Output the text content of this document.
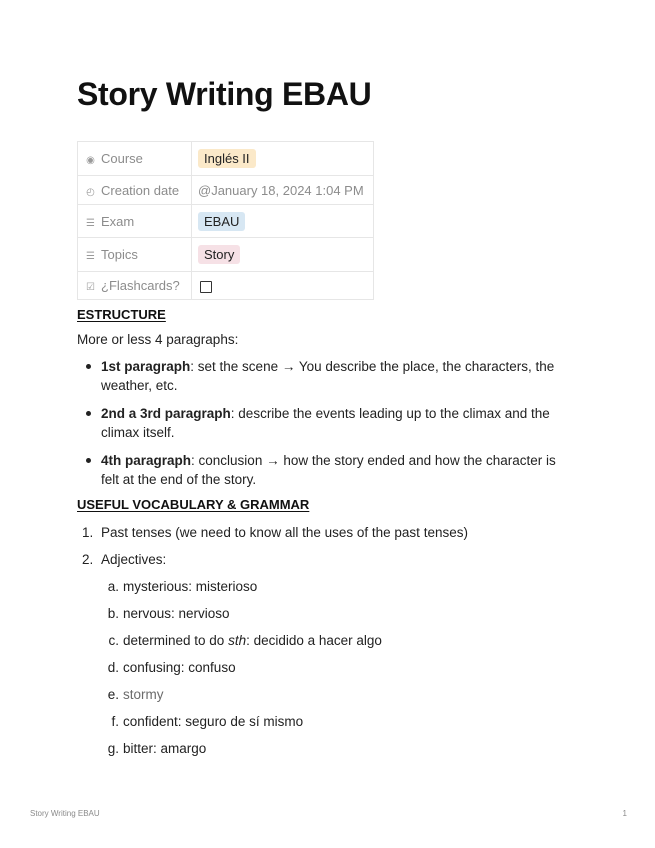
Story Writing EBAU
◉ Course	Inglés II
◴ Creation date	@January 18, 2024 1:04 PM
☰ Exam	EBAU
☰ Topics	Story
☑ ¿Flashcards?	
ESTRUCTURE
More or less 4 paragraphs:
1st paragraph: set the scene → You describe the place, the characters, the weather, etc.
2nd a 3rd paragraph: describe the events leading up to the climax and the climax itself.
4th paragraph: conclusion → how the story ended and how the character is felt at the end of the story.
USEFUL VOCABULARY & GRAMMAR
1. Past tenses (we need to know all the uses of the past tenses)
2. Adjectives:
a. mysterious: misterioso
b. nervous: nervioso
c. determined to do sth: decidido a hacer algo
d. confusing: confuso
e. stormy
f. confident: seguro de sí mismo
g. bitter: amargo
Story Writing EBAU	1
